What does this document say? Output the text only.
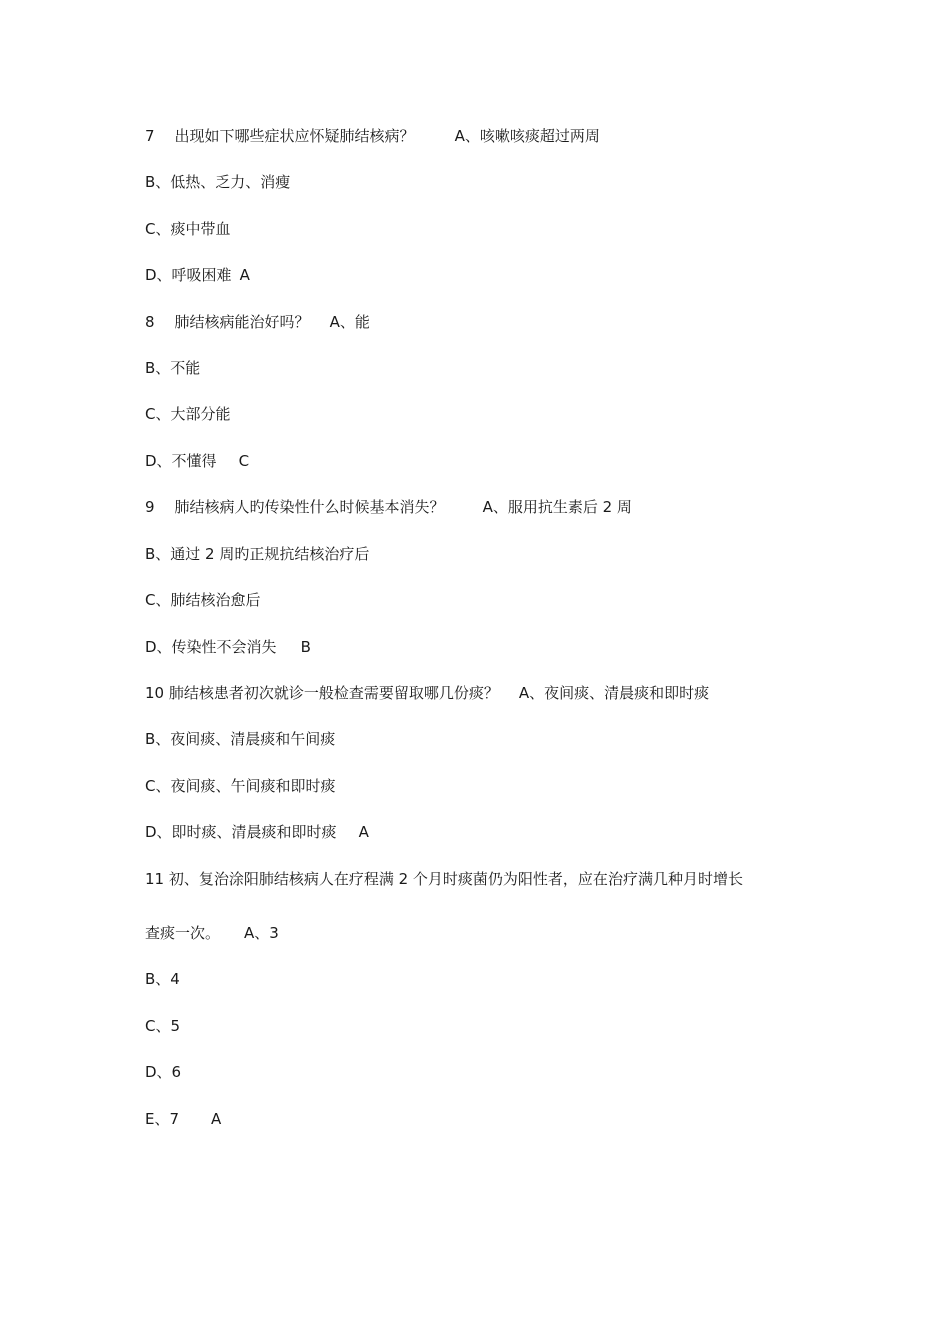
7 出现如下哪些症状应怀疑肺结核病？	A、咳嗽咳痰超过两周
B、低热、乏力、消瘦
C、痰中带血
D、呼吸困难 A
8 肺结核病能治好吗？ A、能
B、不能
C、大部分能
D、不懂得 C
9 肺结核病人旳传染性什么时候基本消失？	A、服用抗生素后 2 周
B、通过 2 周旳正规抗结核治疗后
C、肺结核治愈后
D、传染性不会消失 B
10 肺结核患者初次就诊一般检查需要留取哪几份痰？ A、夜间痰、清晨痰和即时痰
B、夜间痰、清晨痰和午间痰
C、夜间痰、午间痰和即时痰
D、即时痰、清晨痰和即时痰 A
11 初、复治涂阳肺结核病人在疗程满 2 个月时痰菌仍为阳性者，应在治疗满几种月时增长
查痰一次。 A、3
B、4
C、5
D、6
E、7 A
